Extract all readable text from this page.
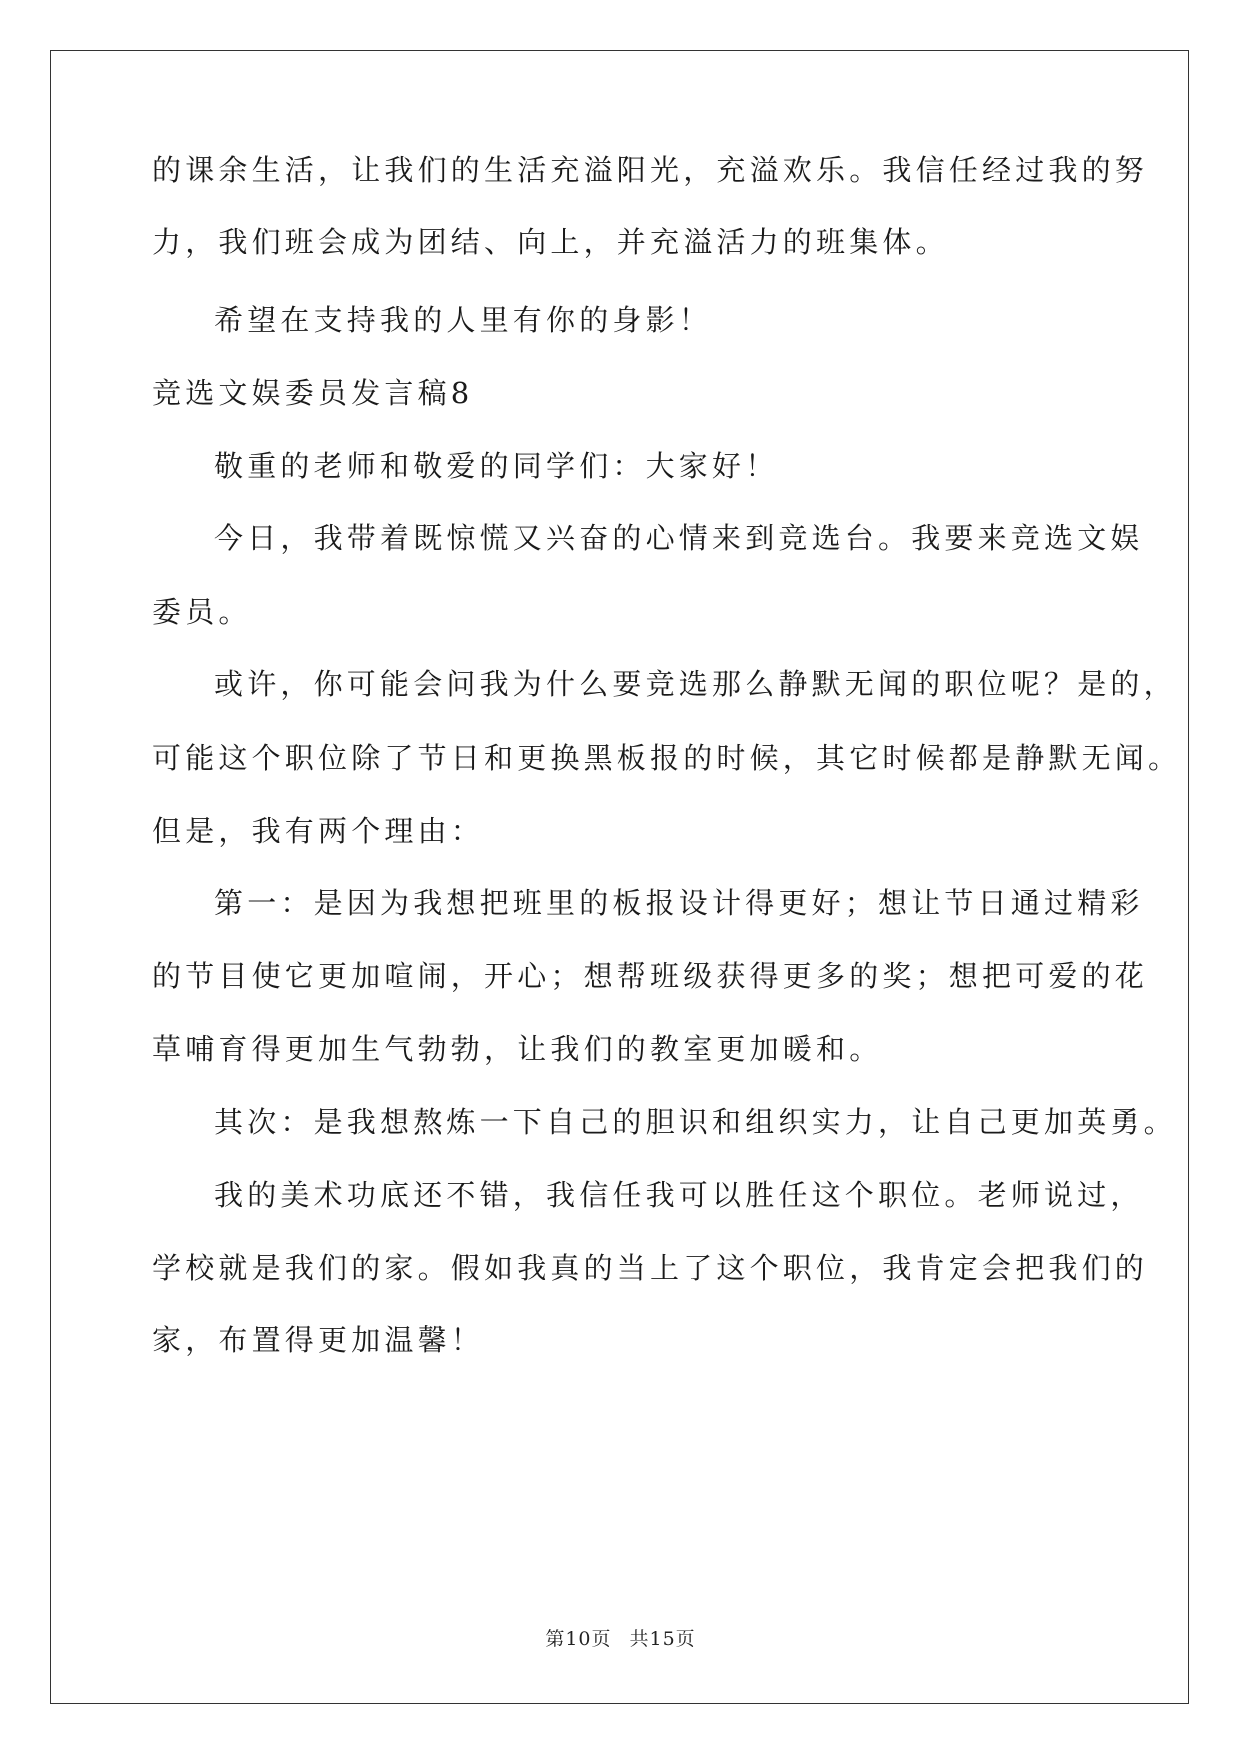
的课余生活，让我们的生活充溢阳光，充溢欢乐。我信任经过我的努
力，我们班会成为团结、向上，并充溢活力的班集体。
希望在支持我的人里有你的身影！
竞选文娱委员发言稿8
敬重的老师和敬爱的同学们：大家好！
今日，我带着既惊慌又兴奋的心情来到竞选台。我要来竞选文娱
委员。
或许，你可能会问我为什么要竞选那么静默无闻的职位呢？是的，
可能这个职位除了节日和更换黑板报的时候，其它时候都是静默无闻。
但是，我有两个理由：
第一：是因为我想把班里的板报设计得更好；想让节日通过精彩
的节目使它更加喧闹，开心；想帮班级获得更多的奖；想把可爱的花
草哺育得更加生气勃勃，让我们的教室更加暖和。
其次：是我想熬炼一下自己的胆识和组织实力，让自己更加英勇。
我的美术功底还不错，我信任我可以胜任这个职位。老师说过，
学校就是我们的家。假如我真的当上了这个职位，我肯定会把我们的
家，布置得更加温馨！
第10页 共15页
